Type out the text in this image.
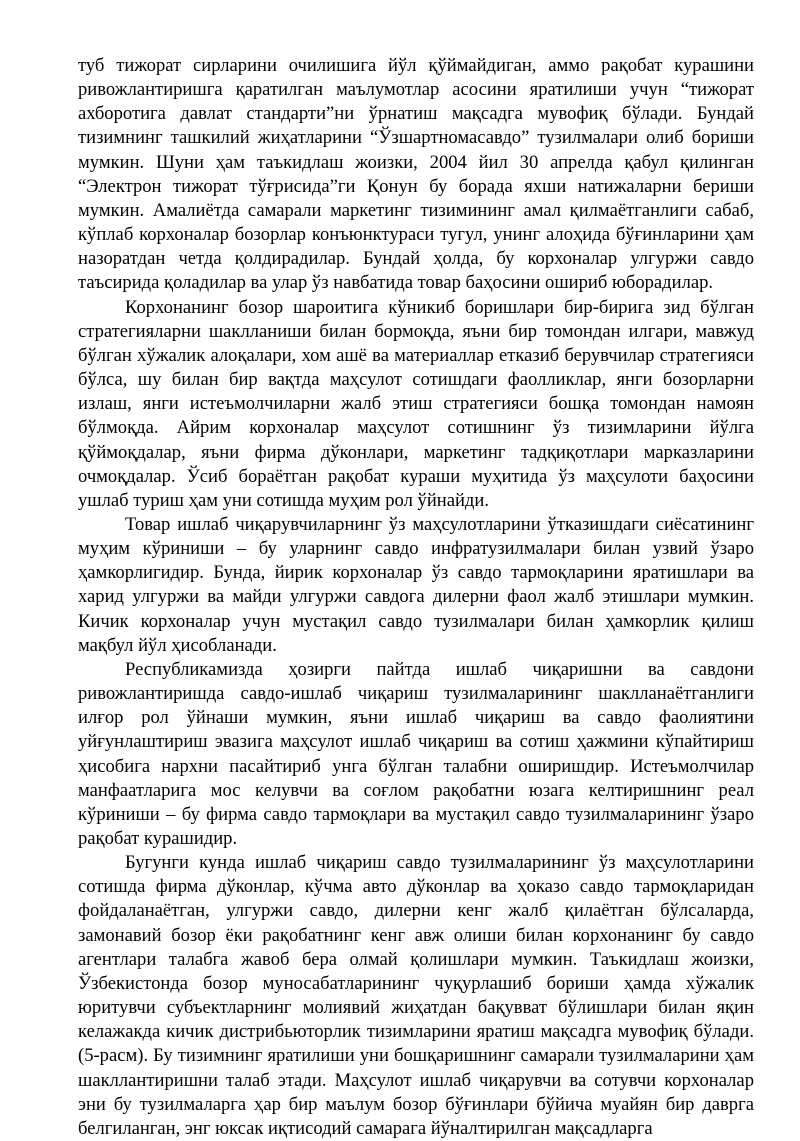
туб тижорат сирларини очилишига йўл қўймайдиган, аммо рақобат курашини ривожлантиришга қаратилган маълумотлар асосини яратилиши учун “тижорат ахборотига давлат стандарти”ни ўрнатиш мақсадга мувофиқ бўлади. Бундай тизимнинг ташкилий жиҳатларини “Ўзшартномасавдо” тузилмалари олиб бориши мумкин. Шуни ҳам таъкидлаш жоизки, 2004 йил 30 апрелда қабул қилинган “Электрон тижорат тўғрисида”ги Қонун бу борада яхши натижаларни бериши мумкин. Амалиётда самарали маркетинг тизимининг амал қилмаётганлиги сабаб, кўплаб корхоналар бозорлар конъюнктураси тугул, унинг алоҳида бўғинларини ҳам назоратдан четда қолдирадилар. Бундай ҳолда, бу корхоналар улгуржи савдо таъсирида қоладилар ва улар ўз навбатида товар баҳосини ошириб юборадилар.

Корхонанинг бозор шароитига кўникиб боришлари бир-бирига зид бўлган стратегияларни шаклланиши билан бормоқда, яъни бир томондан илгари, мавжуд бўлган хўжалик алоқалари, хом ашё ва материаллар етказиб берувчилар стратегияси бўлса, шу билан бир вақтда маҳсулот сотишдаги фаолликлар, янги бозорларни излаш, янги истеъмолчиларни жалб этиш стратегияси бошқа томондан намоян бўлмоқда. Айрим корхоналар маҳсулот сотишнинг ўз тизимларини йўлга қўймоқдалар, яъни фирма дўконлари, маркетинг тадқиқотлари марказларини очмоқдалар. Ўсиб бораётган рақобат кураши муҳитида ўз маҳсулоти баҳосини ушлаб туриш ҳам уни сотишда муҳим рол ўйнайди.

Товар ишлаб чиқарувчиларнинг ўз маҳсулотларини ўтказишдаги сиёсатининг муҳим кўриниши – бу уларнинг савдо инфратузилмалари билан узвий ўзаро ҳамкорлигидир. Бунда, йирик корхоналар ўз савдо тармоқларини яратишлари ва харид улгуржи ва майди улгуржи савдога дилерни фаол жалб этишлари мумкин. Кичик корхоналар учун мустақил савдо тузилмалари билан ҳамкорлик қилиш мақбул йўл ҳисобланади.

Республикамизда ҳозирги пайтда ишлаб чиқаришни ва савдони ривожлантиришда савдо-ишлаб чиқариш тузилмаларининг шаклланаётганлиги илғор рол ўйнаши мумкин, яъни ишлаб чиқариш ва савдо фаолиятини уйғунлаштириш эвазига маҳсулот ишлаб чиқариш ва сотиш ҳажмини кўпайтириш ҳисобига нархни пасайтириб унга бўлган талабни оширишдир. Истеъмолчилар манфаатларига мос келувчи ва соғлом рақобатни юзага келтиришнинг реал кўриниши – бу фирма савдо тармоқлари ва мустақил савдо тузилмаларининг ўзаро рақобат курашидир.

Бугунги кунда ишлаб чиқариш савдо тузилмаларининг ўз маҳсулотларини сотишда фирма дўконлар, кўчма авто дўконлар ва ҳоказо савдо тармоқларидан фойдаланаётган, улгуржи савдо, дилерни кенг жалб қилаётган бўлсаларда, замонавий бозор ёки рақобатнинг кенг авж олиши билан корхонанинг бу савдо агентлари талабга жавоб бера олмай қолишлари мумкин. Таъкидлаш жоизки, Ўзбекистонда бозор муносабатларининг чуқурлашиб бориши ҳамда хўжалик юритувчи субъектларнинг молиявий жиҳатдан бақувват бўлишлари билан яқин келажакда кичик дистрибьюторлик тизимларини яратиш мақсадга мувофиқ бўлади. (5-расм). Бу тизимнинг яратилиши уни бошқаришнинг самарали тузилмаларини ҳам шакллантиришни талаб этади. Маҳсулот ишлаб чиқарувчи ва сотувчи корхоналар эни бу тузилмаларга ҳар бир маълум бозор бўғинлари бўйича муайян бир даврга белгиланган, энг юксак иқтисодий самарага йўналтирилган мақсадларга
